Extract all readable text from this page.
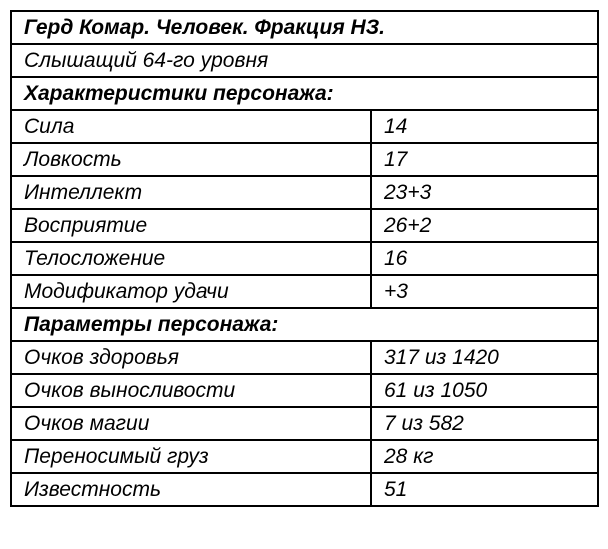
Герд Комар. Человек. Фракция НЗ.	
Слышащий 64-го уровня	
Характеристики персонажа:	
Сила	14
Ловкость	17
Интеллект	23+3
Восприятие	26+2
Телосложение	16
Модификатор удачи	+3
Параметры персонажа:	
Очков здоровья	317 из 1420
Очков выносливости	61 из 1050
Очков магии	7 из 582
Переносимый груз	28 кг
Известность	51
